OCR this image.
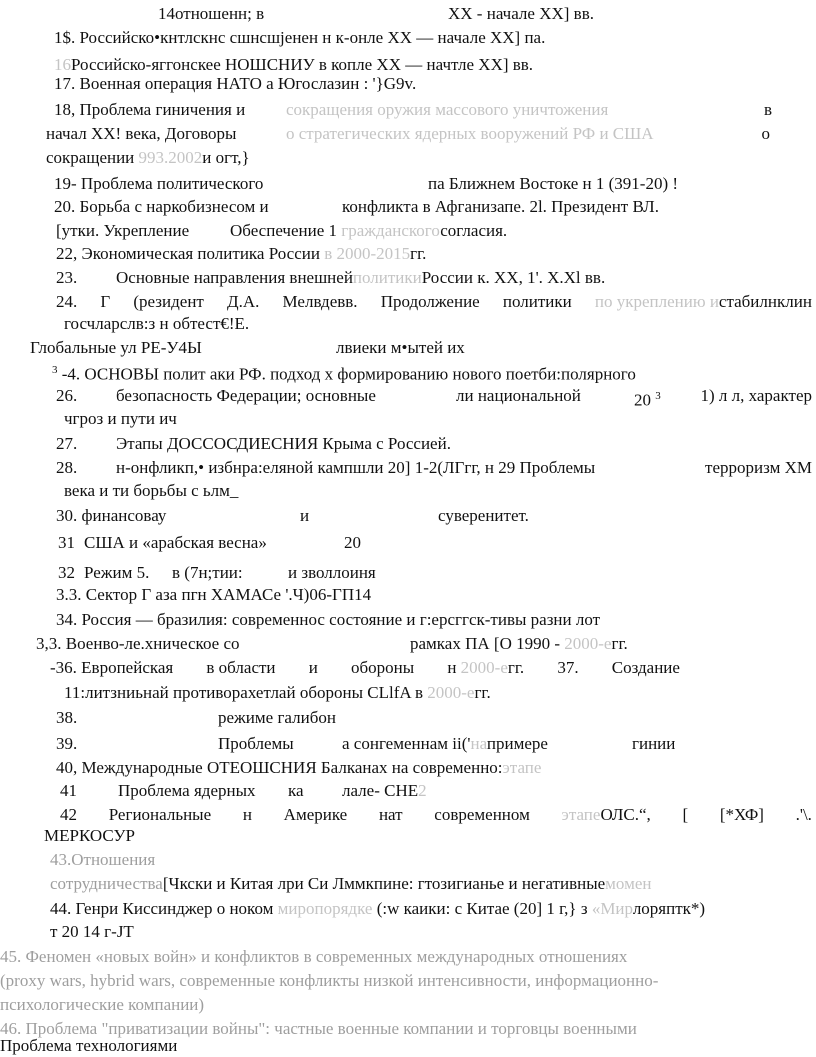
14отношенн; в	XX - начале XX] вв.
1$. Российско•кнтлскнс сшнсшјенен н к-онле XX — начале XX] па.
16Российско-яггонскее НОШСНИУ в копле XX — начтле XX] вв.
17. Военная операция НАТО а Югослазин : '}G9v.
18, Проблема гиничения и сокращения оружия массового уничтожения	в
начал XX! века, Договоры	о стратегических ядерных вооружений РФ и США	о
сокращении 993.2002и огт,}
19- Проблема политического	па Ближнем Востоке н 1 (391-20) !
20. Борьба с наркобизнесом и	конфликта в Афганизапе. 2l. Президент ВЛ.
[утки. Укрепление Обеспечение 1 гражданскогосогласия.
22, Экономическая политика России в 2000-2015гг.
23. Основные направления внешнейполитикиРоссии к. XX, 1'. X.Xl вв.
24. Г (резидент Д.А. Мелвдевв. Продолжение политики по укреплению истабилнклин
госчларслв:з н обтест€!Е.
Глобальные ул РЕ-У4Ы	лвиеки м•ытей их
$^3$ -4. ОСНОВЫ полит аки РФ. подход х формированию нового поетби:полярного
26. безопасность Федерации; основные	ли национальной	20 $^3$ 1) л л, характер
чгроз и пути ич
27. Этапы ДОССОСДИЕСНИЯ Крыма с Россией.
28. н-онфликп,• избнра:еляной кампшли 20] 1-2(ЛГгг, н 29 Проблемы	терроризм XM
века и ти борьбы с ьлм_
30. финансовау	и	суверенитет.
31 США и «арабская весна»	20
32 Режим 5. в (7н;тии:	и зволлоиня
3.3. Сектор Г аза пгн ХАМАСе '.Ч)06-ГП14
34. Россия — бразилия: современнос состояние и г:ерсггск-тивы разни лот
3,3. Военво-ле.хническое со	рамках ПА [О 1990 - 2000-егг.
-36. Европейская в области и обороны н 2000-егг. 37. Создание
11:литзниьнай противорахетлай обороны CLlfA в 2000-егг.
38.	режиме галибон
39.	Проблемы	а сонгеменнам ii('напримере	гинии
40, Международные ОТЕОШСНИЯ Балканах на современно:этапе
41 Проблема ядерных ка лале- СНЕ2
42 Региональные н Америке нат современном этапеОЛС.“, [ [*ХФ] .'\.
МЕРКОСУР
43.Отношения
сотрудничества[Чкски и Китая лри Си Лммкпине: гтозигианье и негативныемомен
44. Генри Киссинджер о ноком миропорядке (:w каики: с Китае (20] 1 г,} з «Мирлоряптк*)
т 20 14 г-JT
45. Феномен «новых войн» и конфликтов в современных международных отношениях
(proxy wars, hybrid wars, современные конфликты низкой интенсивности, информационно-
психологические компании)
46. Проблема "приватизации войны": частные военные компании и торговцы военными
Проблема технологиями
